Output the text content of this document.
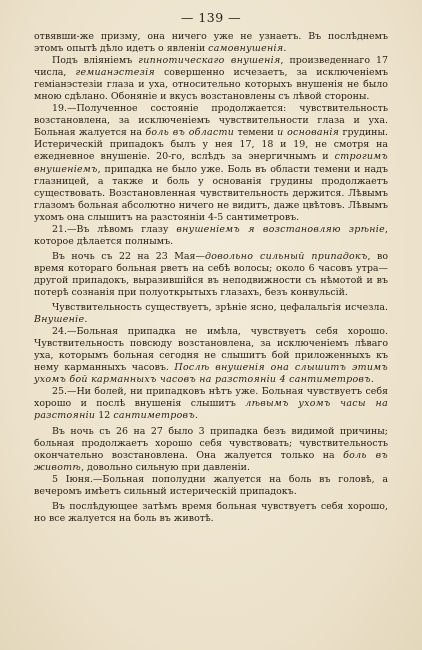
— 139 —

отвявши-же призму, она ничего уже не узнаетъ. Въ послѣднемъ этомъ опытѣ дѣло идетъ о явленіи самовнушенія.

Подъ вліяніемъ гипнотическаго внушенія, произведеннаго 17 числа, гемианэстезія совершенно исчезаетъ, за исключеніемъ геміанэстезіи глаза и уха, относительно которыхъ внушенія не было мною сдѣлано. Обоняніе и вкусъ возстановлены съ лѣвой стороны.

19.—Полученное состояніе продолжается: чувствительность возстановлена, за исключеніемъ чувствительности глаза и уха. Больная жалуется на боль въ области темени и основанія грудины. Истерическій припадокъ былъ у нея 17, 18 и 19, не смотря на ежедневное внушеніе. 20-го, вслѣдъ за энергичнымъ и строгимъ внушеніемъ, припадка не было уже. Боль въ области темени и надъ глазницей, а также и боль у основанія грудины продолжаетъ существовать. Возстановленная чувствительность держится. Лѣвымъ глазомъ больная абсолютно ничего не видитъ, даже цвѣтовъ. Лѣвымъ ухомъ она слышитъ на разстояніи 4-5 сантиметровъ.

21.—Въ лѣвомъ глазу внушеніемъ я возстановляю зрѣніе, которое дѣлается полнымъ.

Въ ночь съ 22 на 23 Мая—довольно сильный припадокъ, во время котораго больная рветъ на себѣ волосы; около 6 часовъ утра—другой припадокъ, выразившійся въ неподвижности съ нѣмотой и въ потерѣ сознанія при полуоткрытыхъ глазахъ, безъ конвульсій.

Чувствительность существуетъ, зрѣніе ясно, цефалальгія исчезла. Внушеніе.

24.—Больная припадка не имѣла, чувствуетъ себя хорошо. Чувствительность повсюду возстановлена, за исключеніемъ лѣваго уха, которымъ больная сегодня не слышитъ бой приложенныхъ къ нему карманныхъ часовъ. Послѣ внушенія она слышитъ этимъ ухомъ бой карманныхъ часовъ на разстояніи 4 сантиметровъ.

25.—Ни болей, ни припадковъ нѣтъ уже. Больная чувствуетъ себя хорошо и послѣ внушенія слышитъ лѣвымъ ухомъ часы на разстояніи 12 сантиметровъ.

Въ ночь съ 26 на 27 было 3 припадка безъ видимой причины; больная продолжаетъ хорошо себя чувствовать; чувствительность окончательно возстановлена. Она жалуется только на боль въ животѣ, довольно сильную при давленіи.

5 Іюня.—Больная пополудни жалуется на боль въ головѣ, а вечеромъ имѣетъ сильный истерическій припадокъ.

Въ послѣдующее затѣмъ время больная чувствуетъ себя хорошо, но все жалуется на боль въ животѣ.
